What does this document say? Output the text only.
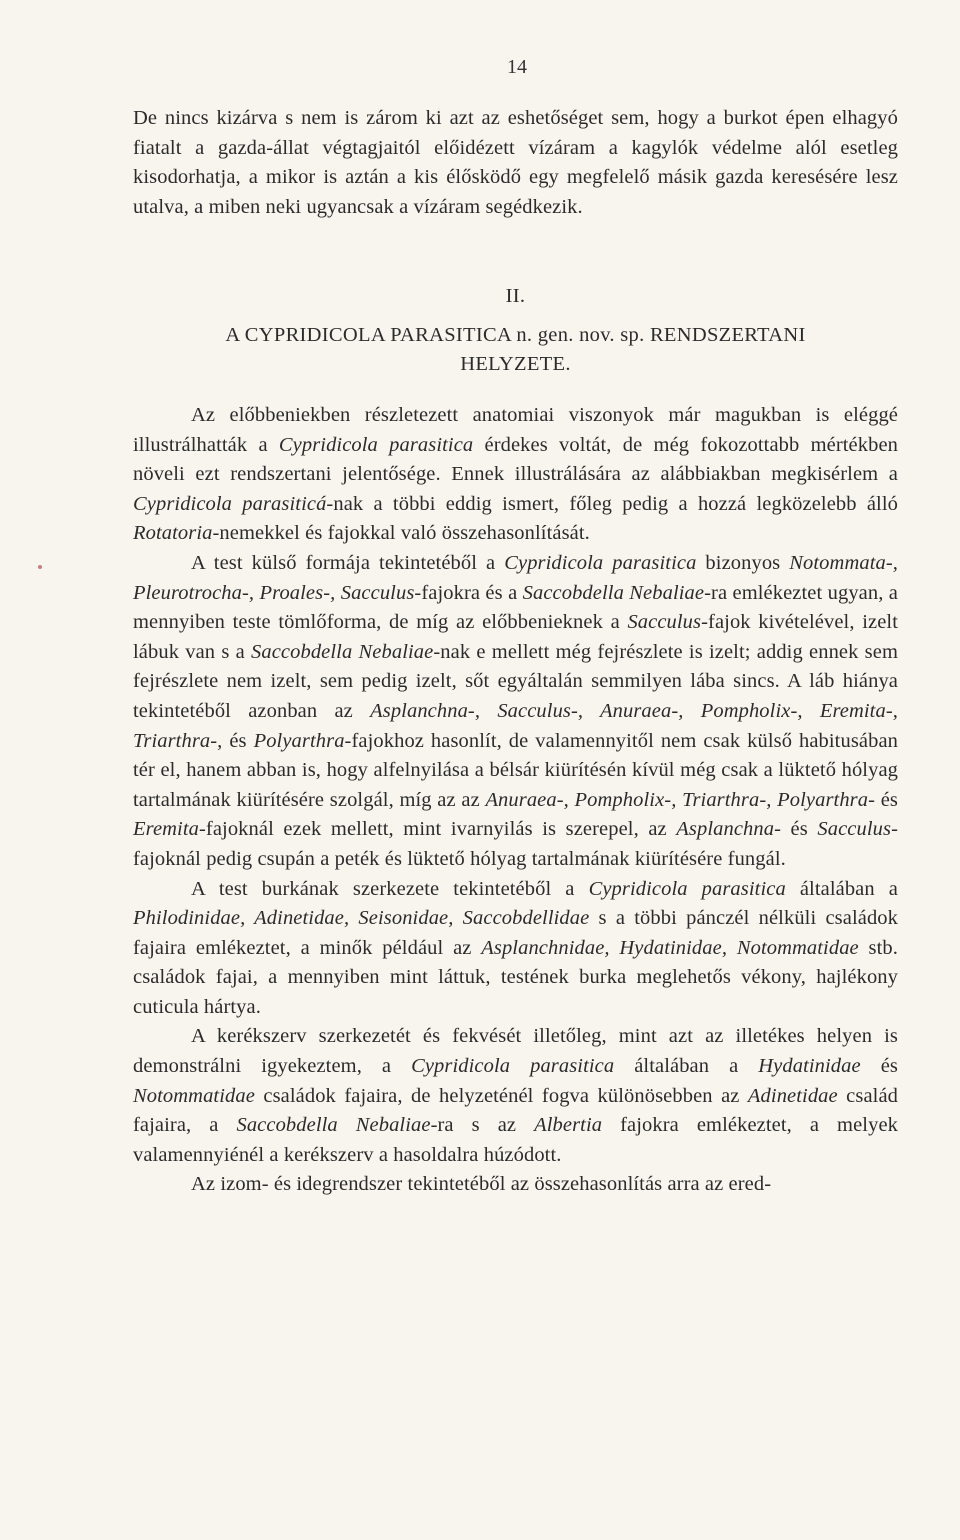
14

De nincs kizárva s nem is zárom ki azt az eshetőséget sem, hogy a burkot épen elhagyó fiatalt a gazda-állat végtagjaitól előidézett vízáram a kagylók védelme alól esetleg kisodorhatja, a mikor is aztán a kis élősködő egy megfelelő másik gazda keresésére lesz utalva, a miben neki ugyancsak a vízáram segédkezik.

II.

A CYPRIDICOLA PARASITICA n. gen. nov. sp. RENDSZERTANI

HELYZETE.

Az előbbeniekben részletezett anatomiai viszonyok már magukban is eléggé illustrálhatták a Cypridicola parasitica érdekes voltát, de még fokozottabb mértékben növeli ezt rendszertani jelentősége. Ennek illustrálására az alábbiakban megkisérlem a Cypridicola parasiticá-nak a többi eddig ismert, főleg pedig a hozzá legközelebb álló Rotatoria-nemekkel és fajokkal való összehasonlítását.

A test külső formája tekintetéből a Cypridicola parasitica bizonyos Notommata-, Pleurotrocha-, Proales-, Sacculus-fajokra és a Saccobdella Nebaliae-ra emlékeztet ugyan, a mennyiben teste tömlőforma, de míg az előbbenieknek a Sacculus-fajok kivételével, izelt lábuk van s a Saccobdella Nebaliae-nak e mellett még fejrészlete is izelt; addig ennek sem fejrészlete nem izelt, sem pedig izelt, sőt egyáltalán semmilyen lába sincs. A láb hiánya tekintetéből azonban az Asplanchna-, Sacculus-, Anuraea-, Pompholix-, Eremita-, Triarthra-, és Polyarthra-fajokhoz hasonlít, de valamennyitől nem csak külső habitusában tér el, hanem abban is, hogy alfelnyilása a bélsár kiürítésén kívül még csak a lüktető hólyag tartalmának kiürítésére szolgál, míg az az Anuraea-, Pompholix-, Triarthra-, Polyarthra- és Eremita-fajoknál ezek mellett, mint ivarnyilás is szerepel, az Asplanchna- és Sacculus-fajoknál pedig csupán a peték és lüktető hólyag tartalmának kiürítésére fungál.

A test burkának szerkezete tekintetéből a Cypridicola parasitica általában a Philodinidae, Adinetidae, Seisonidae, Saccobdellidae s a többi pánczél nélküli családok fajaira emlékeztet, a minők például az Asplanchnidae, Hydatinidae, Notommatidae stb. családok fajai, a mennyiben mint láttuk, testének burka meglehetős vékony, hajlékony cuticula hártya.

A kerékszerv szerkezetét és fekvését illetőleg, mint azt az illetékes helyen is demonstrálni igyekeztem, a Cypridicola parasitica általában a Hydatinidae és Notommatidae családok fajaira, de helyzeténél fogva különösebben az Adinetidae család fajaira, a Saccobdella Nebaliae-ra s az Albertia fajokra emlékeztet, a melyek valamennyiénél a kerékszerv a hasoldalra húzódott.

Az izom- és idegrendszer tekintetéből az összehasonlítás arra az ered-
